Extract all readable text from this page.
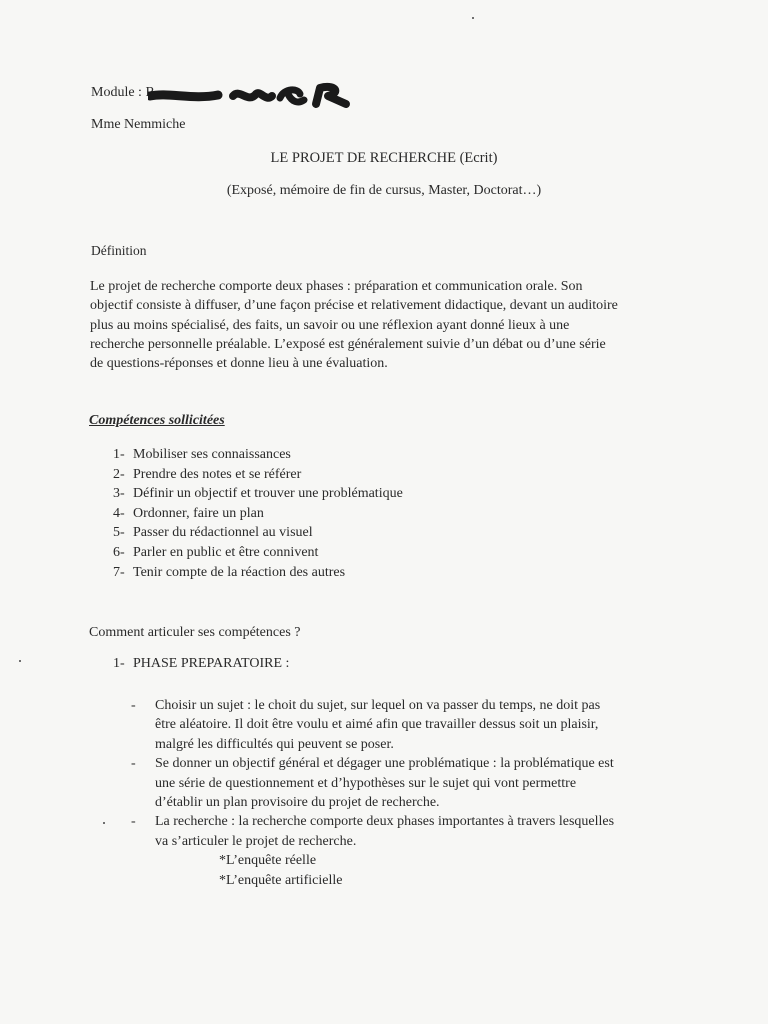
Module : R
Mme Nemmiche
LE PROJET DE RECHERCHE (Ecrit)
(Exposé, mémoire de fin de cursus, Master, Doctorat…)
Définition
Le projet de recherche comporte deux phases : préparation et communication orale. Son
objectif consiste à diffuser, d’une façon précise et relativement didactique, devant un auditoire
plus au moins spécialisé, des faits, un savoir ou une réflexion ayant donné lieux à une
recherche personnelle préalable. L’exposé est généralement suivie d’un débat ou d’une série
de questions-réponses et donne lieu à une évaluation.
Compétences sollicitées
1- Mobiliser ses connaissances
2- Prendre des notes et se référer
3- Définir un objectif et trouver une problématique
4- Ordonner, faire un plan
5- Passer du rédactionnel au visuel
6- Parler en public et être connivent
7- Tenir compte de la réaction des autres
Comment articuler ses compétences ?
1- PHASE PREPARATOIRE :
- Choisir un sujet : le choit du sujet, sur lequel on va passer du temps, ne doit pas
être aléatoire. Il doit être voulu et aimé afin que travailler dessus soit un plaisir,
malgré les difficultés qui peuvent se poser.
- Se donner un objectif général et dégager une problématique : la problématique est
une série de questionnement et d’hypothèses sur le sujet qui vont permettre
d’établir un plan provisoire du projet de recherche.
- La recherche : la recherche comporte deux phases importantes à travers lesquelles
va s’articuler le projet de recherche.
*L’enquête réelle
*L’enquête artificielle
